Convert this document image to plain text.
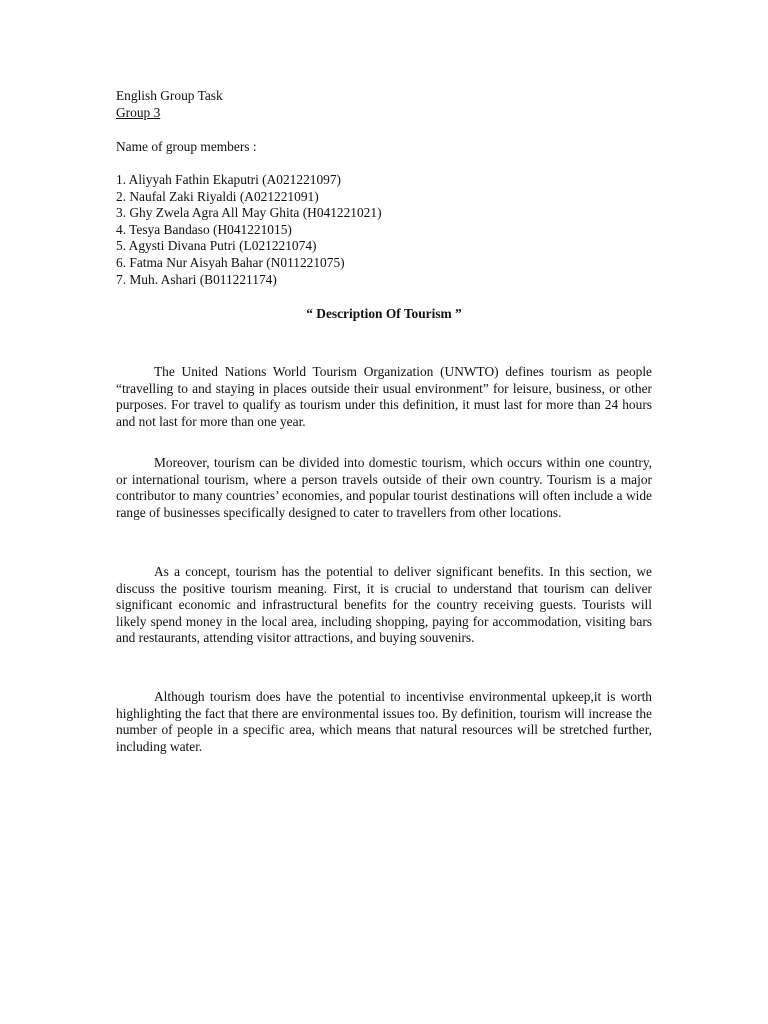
English Group Task
Group 3
Name of group members :
1. Aliyyah Fathin Ekaputri (A021221097)
2. Naufal Zaki Riyaldi (A021221091)
3. Ghy Zwela Agra All May Ghita (H041221021)
4. Tesya Bandaso (H041221015)
5. Agysti Divana Putri (L021221074)
6. Fatma Nur Aisyah Bahar (N011221075)
7. Muh. Ashari (B011221174)
“ Description Of Tourism ”

The United Nations World Tourism Organization (UNWTO) defines tourism as people “travelling to and staying in places outside their usual environment” for leisure, business, or other purposes. For travel to qualify as tourism under this definition, it must last for more than 24 hours and not last for more than one year.

Moreover, tourism can be divided into domestic tourism, which occurs within one country, or international tourism, where a person travels outside of their own country. Tourism is a major contributor to many countries’ economies, and popular tourist destinations will often include a wide range of businesses specifically designed to cater to travellers from other locations.

As a concept, tourism has the potential to deliver significant benefits. In this section, we discuss the positive tourism meaning. First, it is crucial to understand that tourism can deliver significant economic and infrastructural benefits for the country receiving guests. Tourists will likely spend money in the local area, including shopping, paying for accommodation, visiting bars and restaurants, attending visitor attractions, and buying souvenirs.

Although tourism does have the potential to incentivise environmental upkeep,it is worth highlighting the fact that there are environmental issues too. By definition, tourism will increase the number of people in a specific area, which means that natural resources will be stretched further, including water.
